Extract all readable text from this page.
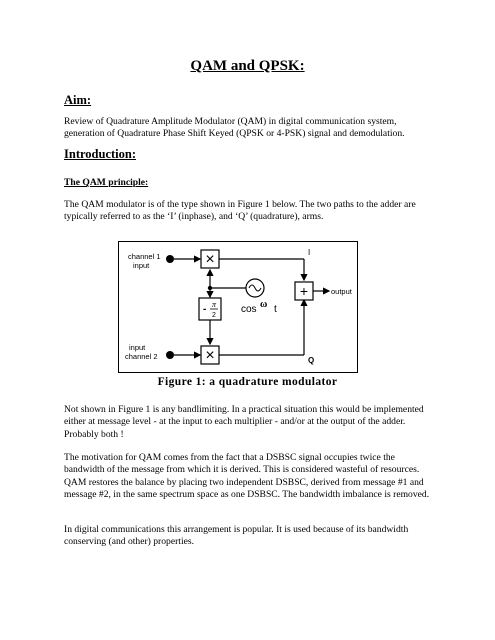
QAM and QPSK:
Aim:
Review of Quadrature Amplitude Modulator (QAM) in digital communication system, generation of Quadrature Phase Shift Keyed (QPSK or 4-PSK) signal and demodulation.
Introduction:
The QAM principle:
The QAM modulator is of the type shown in Figure 1 below. The two paths to the adder are typically referred to as the ‘I’ (inphase), and ‘Q’ (quadrature), arms.
channel 1
input
input
channel 2
×
×
- π
2
cos ω t
I
Q
+	output
Figure 1: a quadrature modulator
Not shown in Figure 1 is any bandlimiting. In a practical situation this would be implemented either at message level - at the input to each multiplier - and/or at the output of the adder. Probably both !
The motivation for QAM comes from the fact that a DSBSC signal occupies twice the bandwidth of the message from which it is derived. This is considered wasteful of resources. QAM restores the balance by placing two independent DSBSC, derived from message #1 and message #2, in the same spectrum space as one DSBSC. The bandwidth imbalance is removed.
In digital communications this arrangement is popular. It is used because of its bandwidth conserving (and other) properties.
